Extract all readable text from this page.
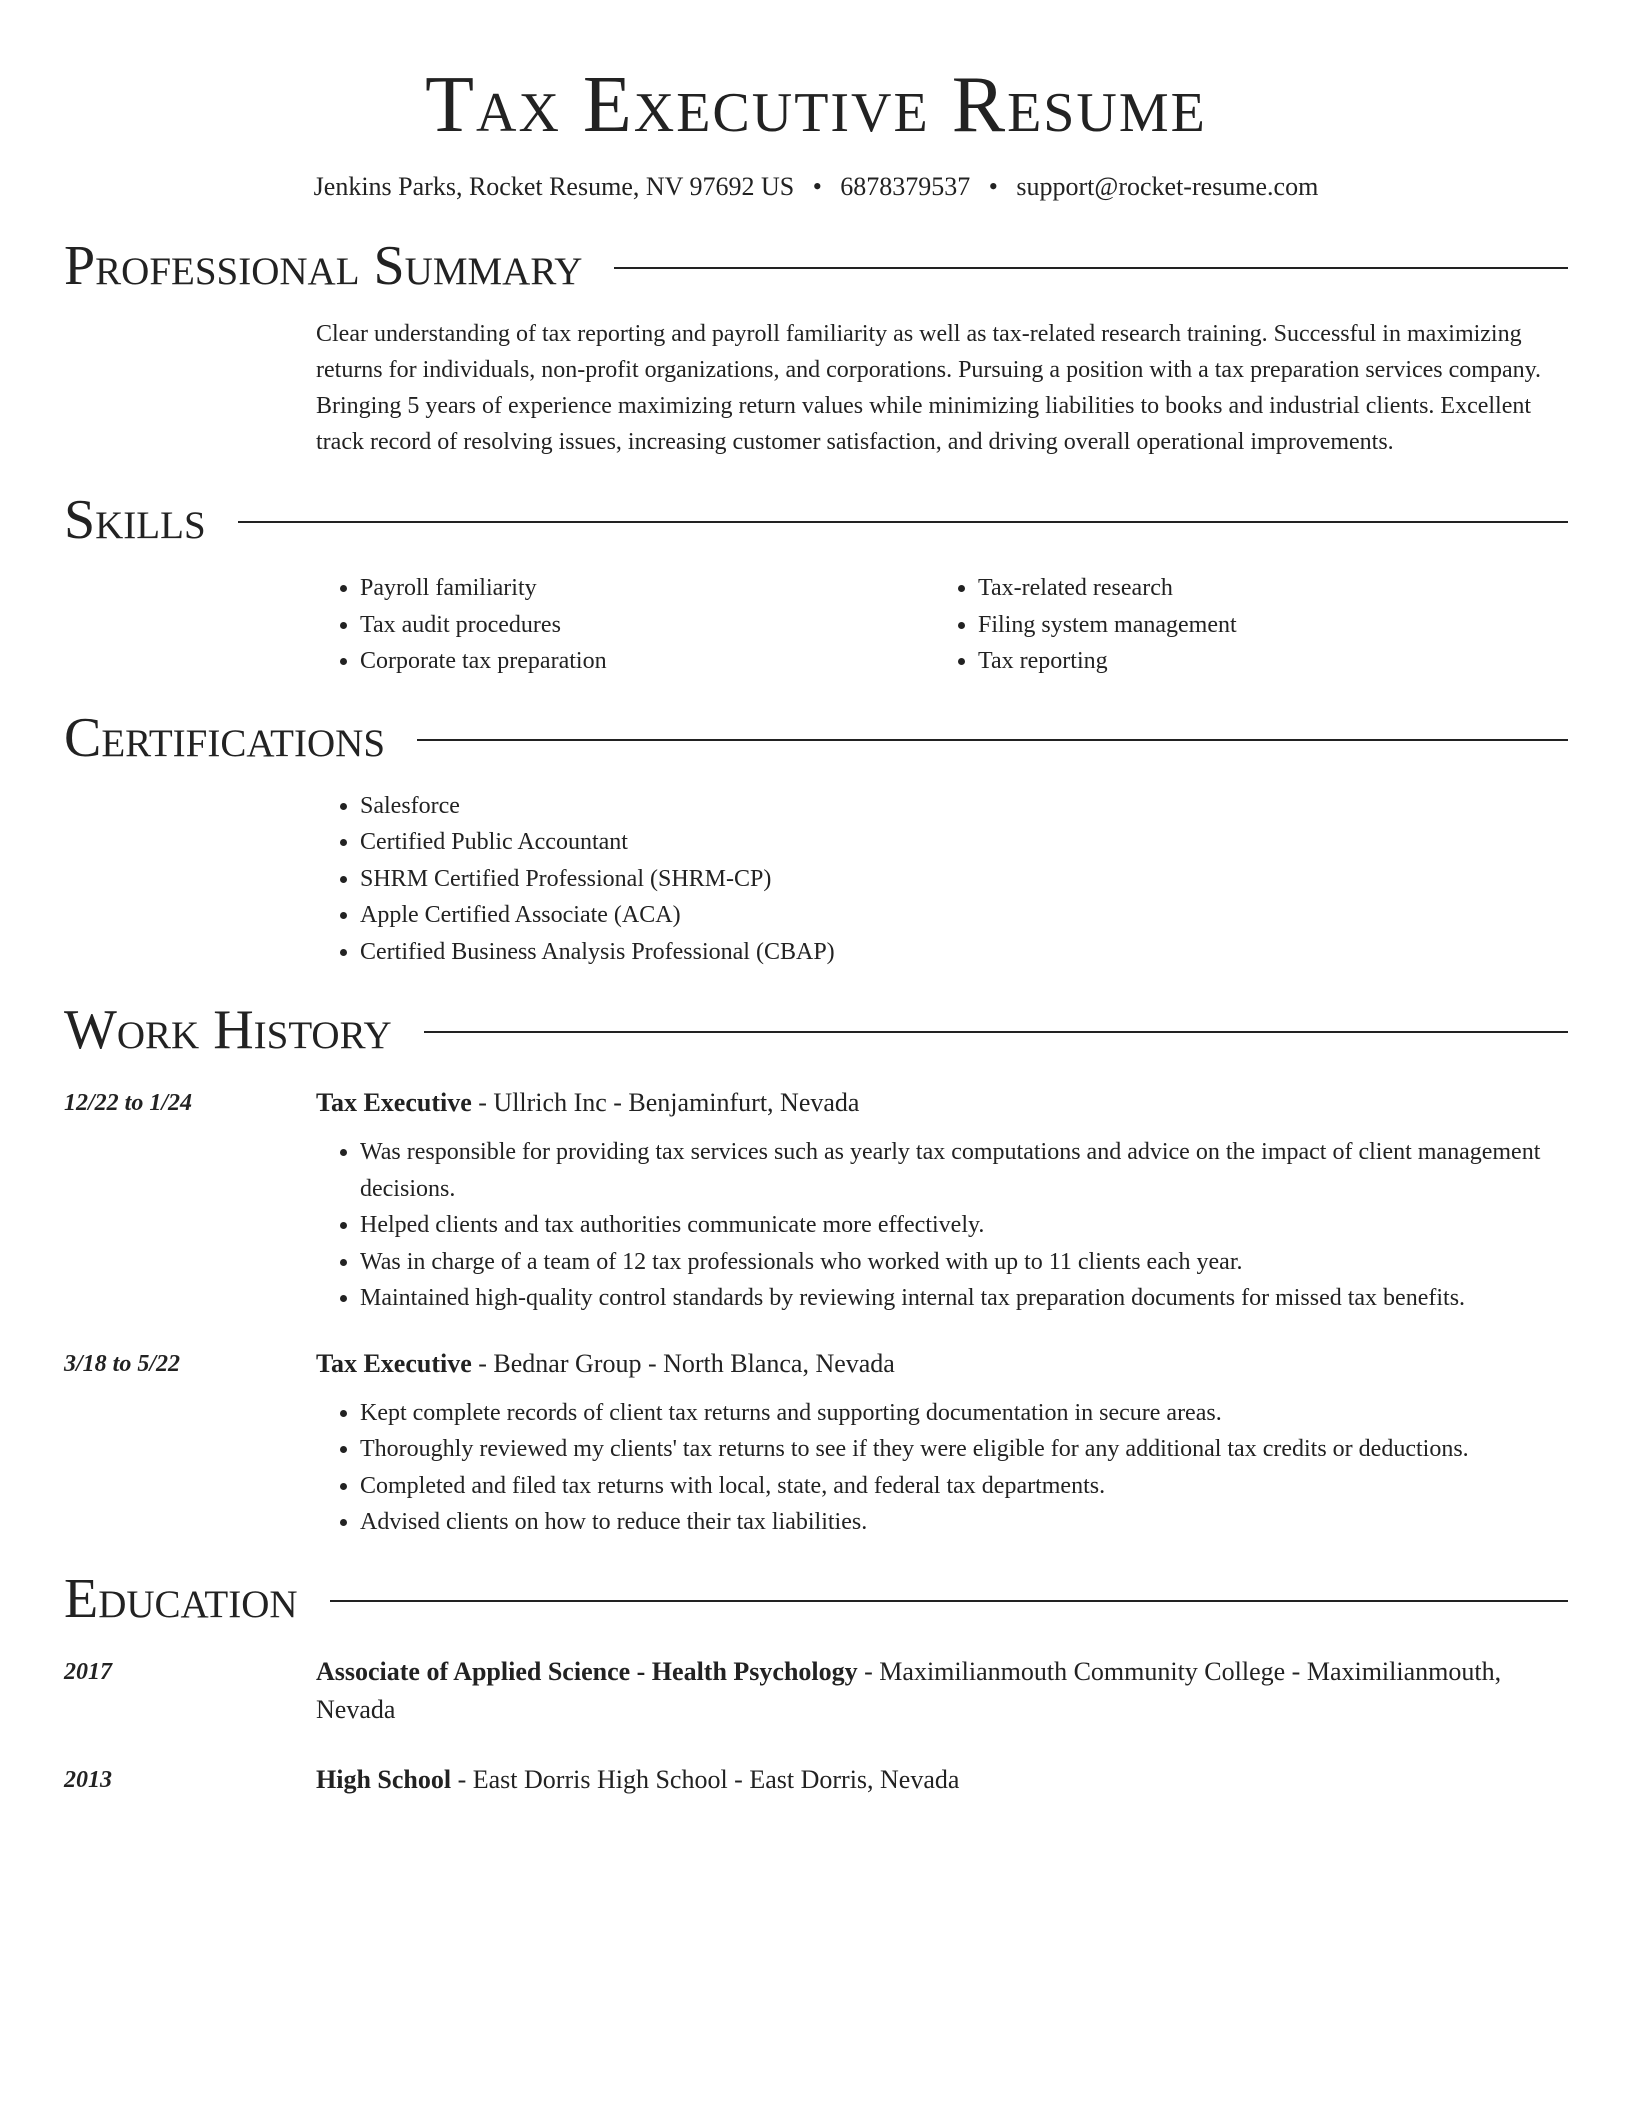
Tax Executive Resume
Jenkins Parks, Rocket Resume, NV 97692 US • 6878379537 • support@rocket-resume.com
Professional Summary
Clear understanding of tax reporting and payroll familiarity as well as tax-related research training. Successful in maximizing returns for individuals, non-profit organizations, and corporations. Pursuing a position with a tax preparation services company. Bringing 5 years of experience maximizing return values while minimizing liabilities to books and industrial clients. Excellent track record of resolving issues, increasing customer satisfaction, and driving overall operational improvements.
Skills
• Payroll familiarity
• Tax audit procedures
• Corporate tax preparation
• Tax-related research
• Filing system management
• Tax reporting
Certifications
• Salesforce
• Certified Public Accountant
• SHRM Certified Professional (SHRM-CP)
• Apple Certified Associate (ACA)
• Certified Business Analysis Professional (CBAP)
Work History
12/22 to 1/24	Tax Executive - Ullrich Inc - Benjaminfurt, Nevada
• Was responsible for providing tax services such as yearly tax computations and advice on the impact of client management decisions.
• Helped clients and tax authorities communicate more effectively.
• Was in charge of a team of 12 tax professionals who worked with up to 11 clients each year.
• Maintained high-quality control standards by reviewing internal tax preparation documents for missed tax benefits.
3/18 to 5/22	Tax Executive - Bednar Group - North Blanca, Nevada
• Kept complete records of client tax returns and supporting documentation in secure areas.
• Thoroughly reviewed my clients' tax returns to see if they were eligible for any additional tax credits or deductions.
• Completed and filed tax returns with local, state, and federal tax departments.
• Advised clients on how to reduce their tax liabilities.
Education
2017	Associate of Applied Science - Health Psychology - Maximilianmouth Community College - Maximilianmouth, Nevada
2013	High School - East Dorris High School - East Dorris, Nevada
